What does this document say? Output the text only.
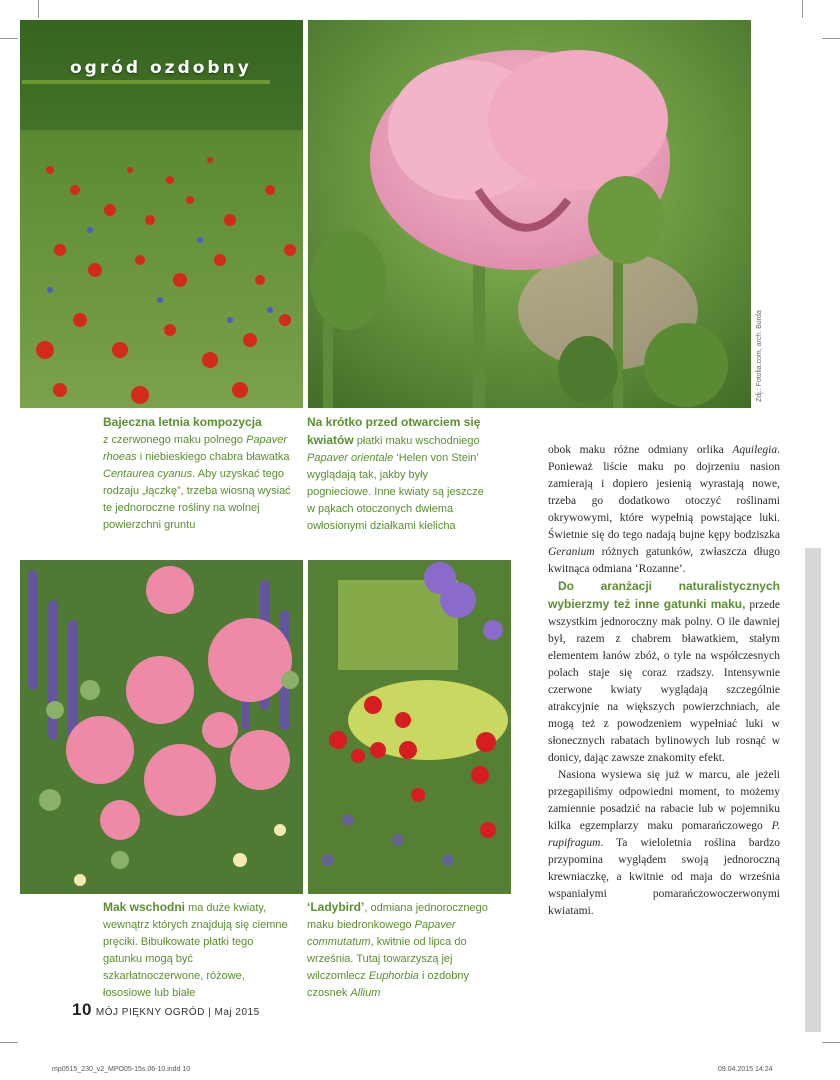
ogród ozdobny
Zdj.: Fotolia.com, arch. Burda
Bajeczna letnia kompozycja
z czerwonego maku polnego Papaver rhoeas i niebieskiego chabra bławatka Centaurea cyanus. Aby uzyskać tego rodzaju „łączkę”, trzeba wiosną wysiać te jednoroczne rośliny na wolnej powierzchni gruntu
Na krótko przed otwarciem się kwiatów płatki maku wschodniego Papaver orientale ‘Helen von Stein’ wyglądają tak, jakby były pognieciowe. Inne kwiaty są jeszcze w pąkach otoczonych dwiema owłosionymi działkami kielicha

obok maku różne odmiany orlika Aquilegia. Ponieważ liście maku po dojrzeniu nasion zamierają i dopiero jesienią wyrastają nowe, trzeba go dodatkowo otoczyć roślinami okrywowymi, które wypełnią powstające luki. Świetnie się do tego nadają bujne kępy bodziszka Geranium różnych gatunków, zwłaszcza długo kwitnąca odmiana ‘Rozanne’.

Do aranżacji naturalistycznych wybierzmy też inne gatunki maku, przede wszystkim jednoroczny mak polny. O ile dawniej był, razem z chabrem bławatkiem, stałym elementem łanów zbóż, o tyle na współczesnych polach staje się coraz rzadszy. Intensywnie czerwone kwiaty wyglądają szczególnie atrakcyjnie na większych powierzchniach, ale mogą też z powodzeniem wypełniać luki w słonecznych rabatach bylinowych lub rosnąć w donicy, dając zawsze znakomity efekt.

Nasiona wysiewa się już w marcu, ale jeżeli przegapiliśmy odpowiedni moment, to możemy zamiennie posadzić na rabacie lub w pojemniku kilka egzemplarzy maku pomarańczowego P. rupifragum. Ta wieloletnia roślina bardzo przypomina wyglądem swoją jednoroczną krewniaczkę, a kwitnie od maja do września wspaniałymi pomarańczowoczerwonymi kwiatami.

Mak wschodni ma duże kwiaty, wewnątrz których znajdują się ciemne pręciki. Bibułkowate płatki tego gatunku mogą być szkarłatnoczerwone, różowe, łososiowe lub białe
‘Ladybird’, odmiana jednorocznego maku biedronkowego Papaver commutatum, kwitnie od lipca do września. Tutaj towarzyszą jej wilczomlecz Euphorbia i ozdobny czosnek Allium
10 MÓJ PIĘKNY OGRÓD | Maj 2015
mp0515_230_v2_MPO05-15s.06-10.indd 10	09.04.2015 14:24
